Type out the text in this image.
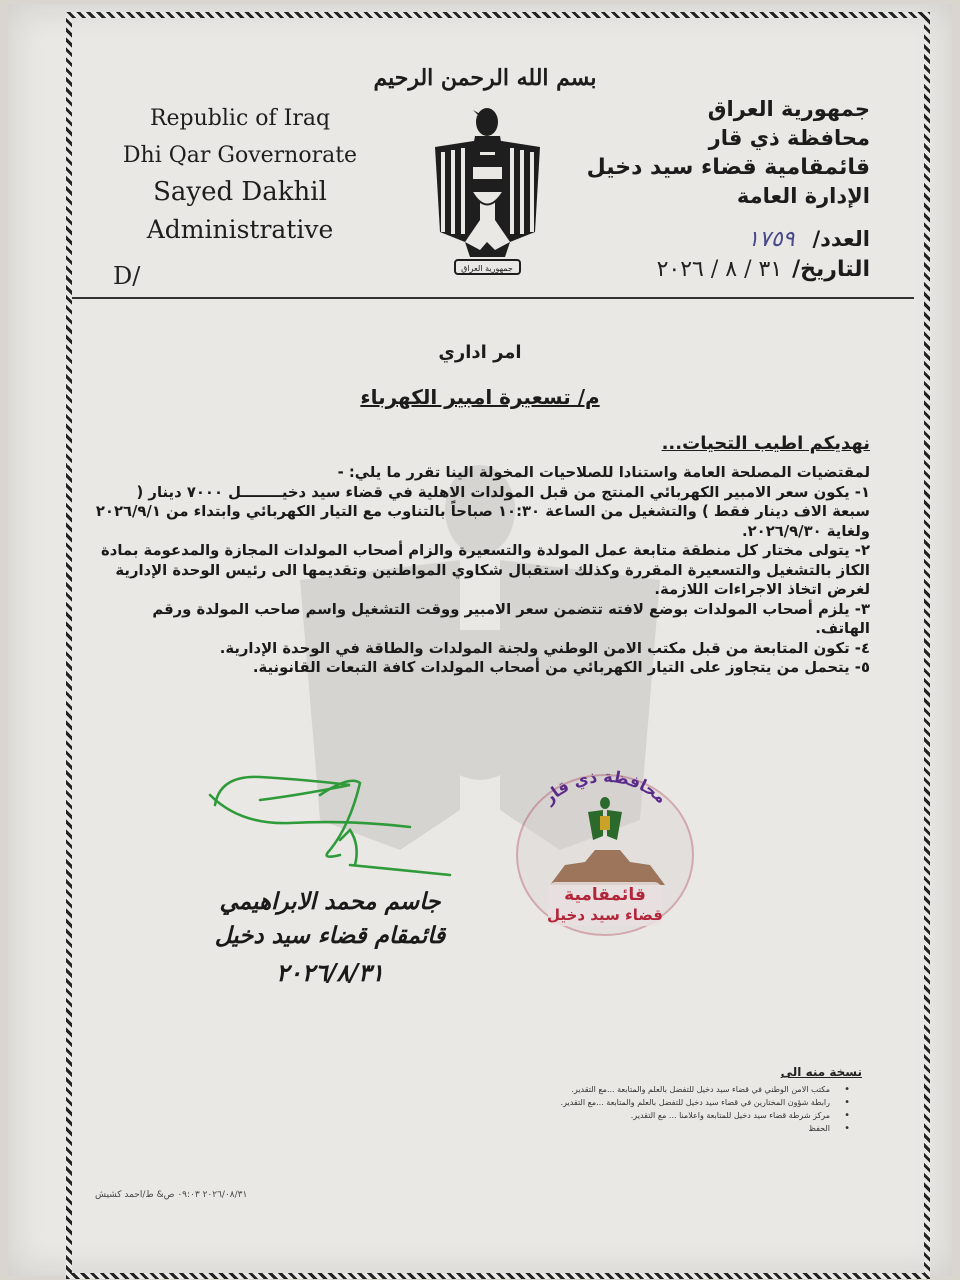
بسم الله الرحمن الرحيم
Republic of Iraq
Dhi Qar Governorate
Sayed Dakhil
Administrative
D/
جمهورية العراق
محافظة ذي قار
قائمقامية قضاء سيد دخيل
الإدارة العامة
العدد/١٧٥٩
التاريخ/٣١ / ٨ / ٢٠٢٦
جمهورية العراق
امر اداري
م/ تسعيرة امبير الكهرباء
نهديكم اطيب التحيات...

لمقتضيات المصلحة العامة واستنادا للصلاحيات المخولة الينا تقرر ما يلي: -

١- يكون سعر الامبير الكهربائي المنتج من قبل المولدات الاهلية في قضاء سيد دخيــــــــل ٧٠٠٠ دينار ( سبعة الاف دينار فقط ) والتشغيل من الساعة ١٠:٣٠ صباحاً بالتناوب مع التيار الكهربائي وابتداء من ٢٠٢٦/٩/١ ولغاية ٢٠٢٦/٩/٣٠.

٢- يتولى مختار كل منطقة متابعة عمل المولدة والتسعيرة والزام أصحاب المولدات المجازة والمدعومة بمادة الكاز بالتشغيل والتسعيرة المقررة وكذلك استقبال شكاوي المواطنين وتقديمها الى رئيس الوحدة الإدارية لغرض اتخاذ الاجراءات اللازمة.

٣- يلزم أصحاب المولدات بوضع لافته تتضمن سعر الامبير ووقت التشغيل واسم صاحب المولدة ورقم الهاتف.

٤- تكون المتابعة من قبل مكتب الامن الوطني ولجنة المولدات والطاقة في الوحدة الإدارية.

٥- يتحمل من يتجاوز على التيار الكهربائي من أصحاب المولدات كافة التبعات القانونية.

جاسم محمد الابراهيمي
قائمقام قضاء سيد دخيل
٢٠٢٦/٨/٣١
محافظة ذي قار
قائمقامية
قضاء سيد دخيل
نسخة منه الى
• مكتب الامن الوطني في قضاء سيد دخيل للتفضل بالعلم والمتابعة ...مع التقدير.
• رابطة شؤون المختارين في قضاء سيد دخيل للتفضل بالعلم والمتابعة ...مع التقدير.
• مركز شرطة قضاء سيد دخيل للمتابعة واعلامنا ... مع التقدير.
• الحفظ
٢٠٢٦/٠٨/٣١ ٠٩:٠٣ ص& ط/احمد كشيش
